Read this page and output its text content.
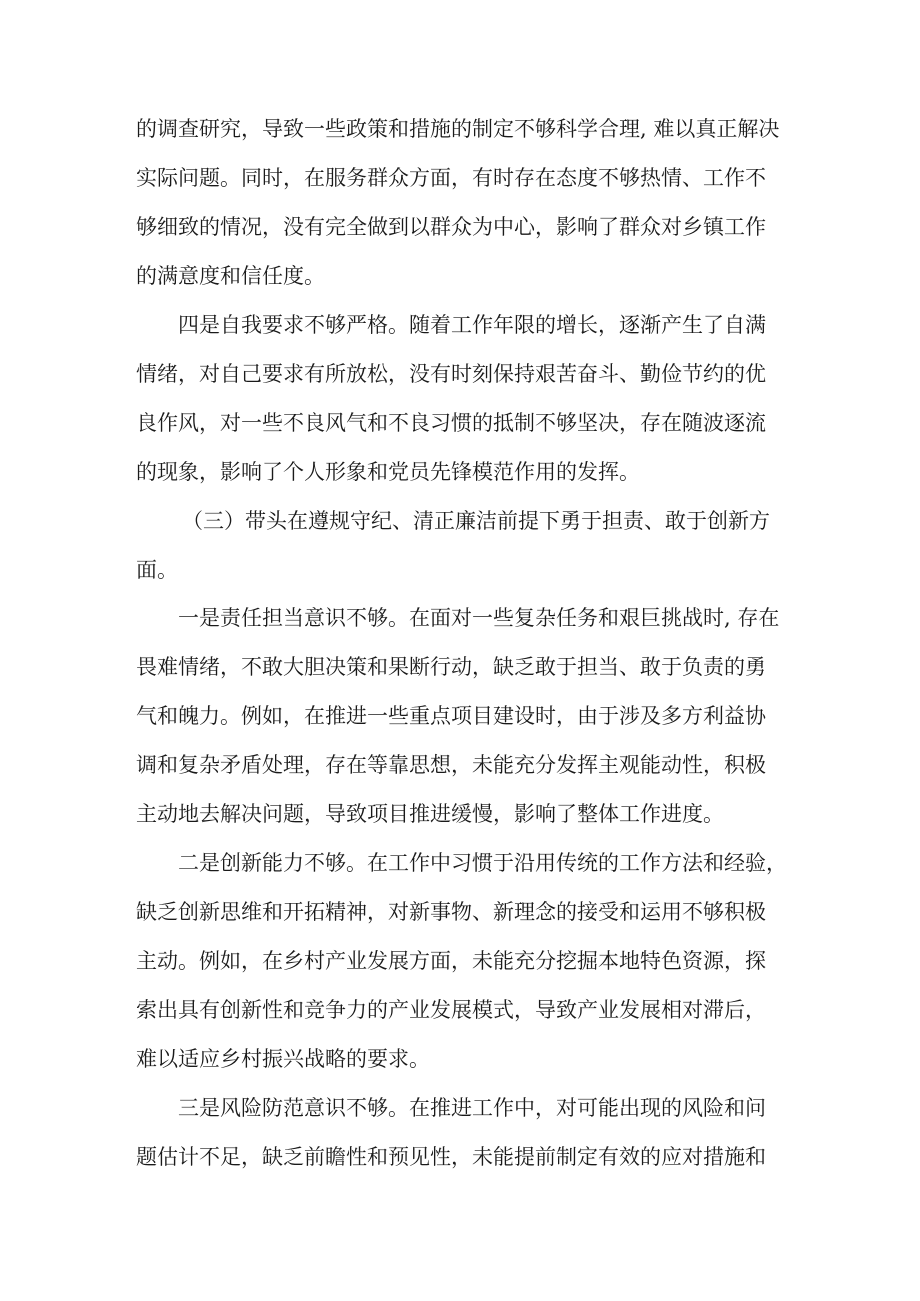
的调查研究，导致一些政策和措施的制定不够科学合理, 难以真正解决

实际问题。同时，在服务群众方面，有时存在态度不够热情、工作不

够细致的情况，没有完全做到以群众为中心，影响了群众对乡镇工作

的满意度和信任度。

四是自我要求不够严格。随着工作年限的增长，逐渐产生了自满

情绪，对自己要求有所放松，没有时刻保持艰苦奋斗、勤俭节约的优

良作风，对一些不良风气和不良习惯的抵制不够坚决，存在随波逐流

的现象，影响了个人形象和党员先锋模范作用的发挥。

（三）带头在遵规守纪、清正廉洁前提下勇于担责、敢于创新方

面。

一是责任担当意识不够。在面对一些复杂任务和艰巨挑战时, 存在

畏难情绪，不敢大胆决策和果断行动，缺乏敢于担当、敢于负责的勇

气和魄力。例如，在推进一些重点项目建设时，由于涉及多方利益协

调和复杂矛盾处理，存在等靠思想，未能充分发挥主观能动性，积极

主动地去解决问题，导致项目推进缓慢，影响了整体工作进度。

二是创新能力不够。在工作中习惯于沿用传统的工作方法和经验，

缺乏创新思维和开拓精神，对新事物、新理念的接受和运用不够积极

主动。例如，在乡村产业发展方面，未能充分挖掘本地特色资源，探

索出具有创新性和竞争力的产业发展模式，导致产业发展相对滞后，

难以适应乡村振兴战略的要求。

三是风险防范意识不够。在推进工作中，对可能出现的风险和问

题估计不足，缺乏前瞻性和预见性，未能提前制定有效的应对措施和
